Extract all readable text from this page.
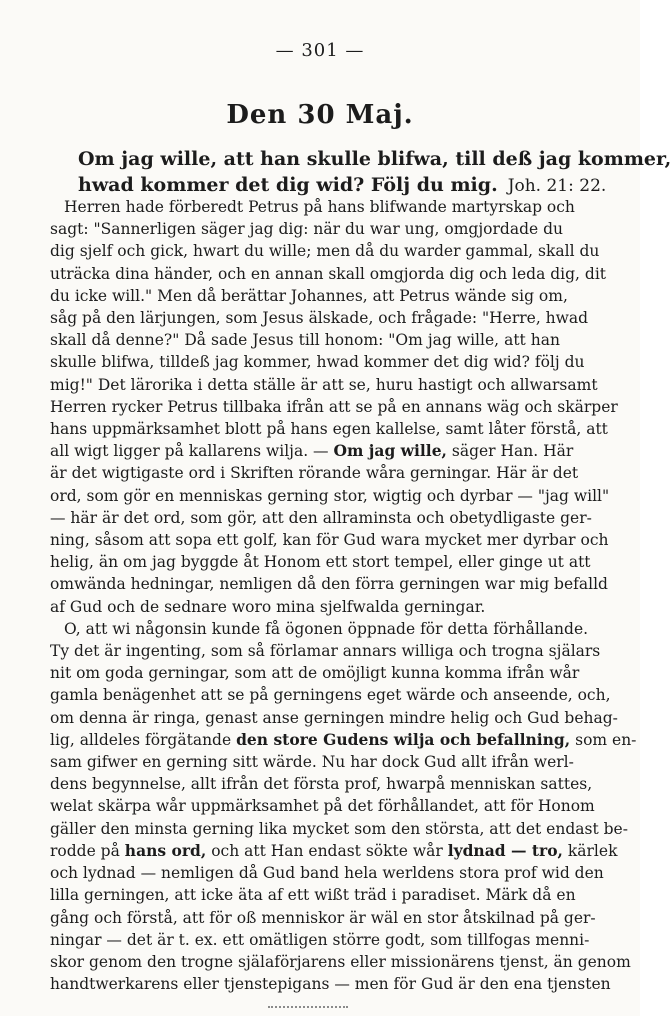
— 301 —
Den 30 Maj.
Om jag wille, att han skulle blifwa, till deß jag kommer,
hwad kommer det dig wid? Följ du mig. Joh. 21: 22.
Herren hade förberedt Petrus på hans blifwande martyrskap och
sagt: "Sannerligen säger jag dig: när du war ung, omgjordade du
dig sjelf och gick, hwart du wille; men då du warder gammal, skall du
uträcka dina händer, och en annan skall omgjorda dig och leda dig, dit
du icke will." Men då berättar Johannes, att Petrus wände sig om,
såg på den lärjungen, som Jesus älskade, och frågade: "Herre, hwad
skall då denne?" Då sade Jesus till honom: "Om jag wille, att han
skulle blifwa, tilldeß jag kommer, hwad kommer det dig wid? följ du
mig!" Det lärorika i detta ställe är att se, huru hastigt och allwarsamt
Herren rycker Petrus tillbaka ifrån att se på en annans wäg och skärper
hans uppmärksamhet blott på hans egen kallelse, samt låter förstå, att
all wigt ligger på kallarens wilja. — Om jag wille, säger Han. Här
är det wigtigaste ord i Skriften rörande wåra gerningar. Här är det
ord, som gör en menniskas gerning stor, wigtig och dyrbar — "jag will"
— här är det ord, som gör, att den allraminsta och obetydligaste ger-
ning, såsom att sopa ett golf, kan för Gud wara mycket mer dyrbar och
helig, än om jag byggde åt Honom ett stort tempel, eller ginge ut att
omwända hedningar, nemligen då den förra gerningen war mig befalld
af Gud och de sednare woro mina sjelfwalda gerningar.
O, att wi någonsin kunde få ögonen öppnade för detta förhållande.
Ty det är ingenting, som så förlamar annars williga och trogna själars
nit om goda gerningar, som att de omöjligt kunna komma ifrån wår
gamla benägenhet att se på gerningens eget wärde och anseende, och,
om denna är ringa, genast anse gerningen mindre helig och Gud behag-
lig, alldeles förgätande den store Gudens wilja och befallning, som en-
sam gifwer en gerning sitt wärde. Nu har dock Gud allt ifrån werl-
dens begynnelse, allt ifrån det första prof, hwarpå menniskan sattes,
welat skärpa wår uppmärksamhet på det förhållandet, att för Honom
gäller den minsta gerning lika mycket som den största, att det endast be-
rodde på hans ord, och att Han endast sökte wår lydnad — tro, kärlek
och lydnad — nemligen då Gud band hela werldens stora prof wid den
lilla gerningen, att icke äta af ett wißt träd i paradiset. Märk då en
gång och förstå, att för oß menniskor är wäl en stor åtskilnad på ger-
ningar — det är t. ex. ett omätligen större godt, som tillfogas menni-
skor genom den trogne själaförjarens eller missionärens tjenst, än genom
handtwerkarens eller tjenstepigans — men för Gud är den ena tjensten
